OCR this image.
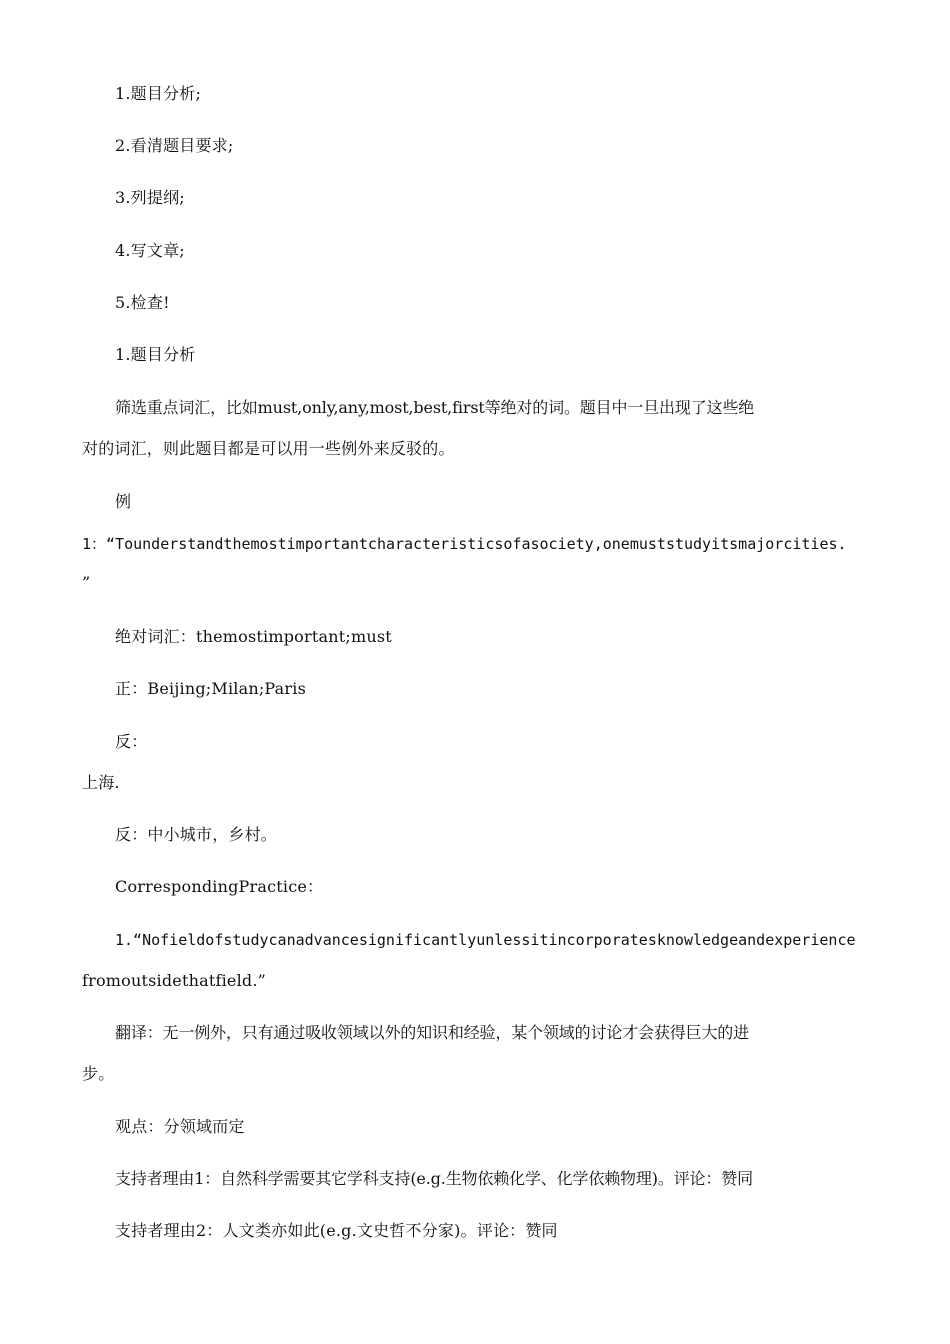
1.题目分析;
2.看清题目要求;
3.列提纲;
4.写文章;
5.检查!
1.题目分析
筛选重点词汇，比如must,only,any,most,best,first等绝对的词。题目中一旦出现了这些绝
对的词汇，则此题目都是可以用一些例外来反驳的。
例
1：“Tounderstandthemostimportantcharacteristicsofasociety,onemuststudyitsmajorcities.
”
绝对词汇：themostimportant;must
正：Beijing;Milan;Paris
反：
上海.
反：中小城市，乡村。
CorrespondingPractice：
1.“Nofieldofstudycanadvancesignificantlyunlessitincorporatesknowledgeandexperience
fromoutsidethatfield.”
翻译：无一例外，只有通过吸收领域以外的知识和经验，某个领域的讨论才会获得巨大的进
步。
观点：分领域而定
支持者理由1：自然科学需要其它学科支持(e.g.生物依赖化学、化学依赖物理)。评论：赞同
支持者理由2：人文类亦如此(e.g.文史哲不分家)。评论：赞同
